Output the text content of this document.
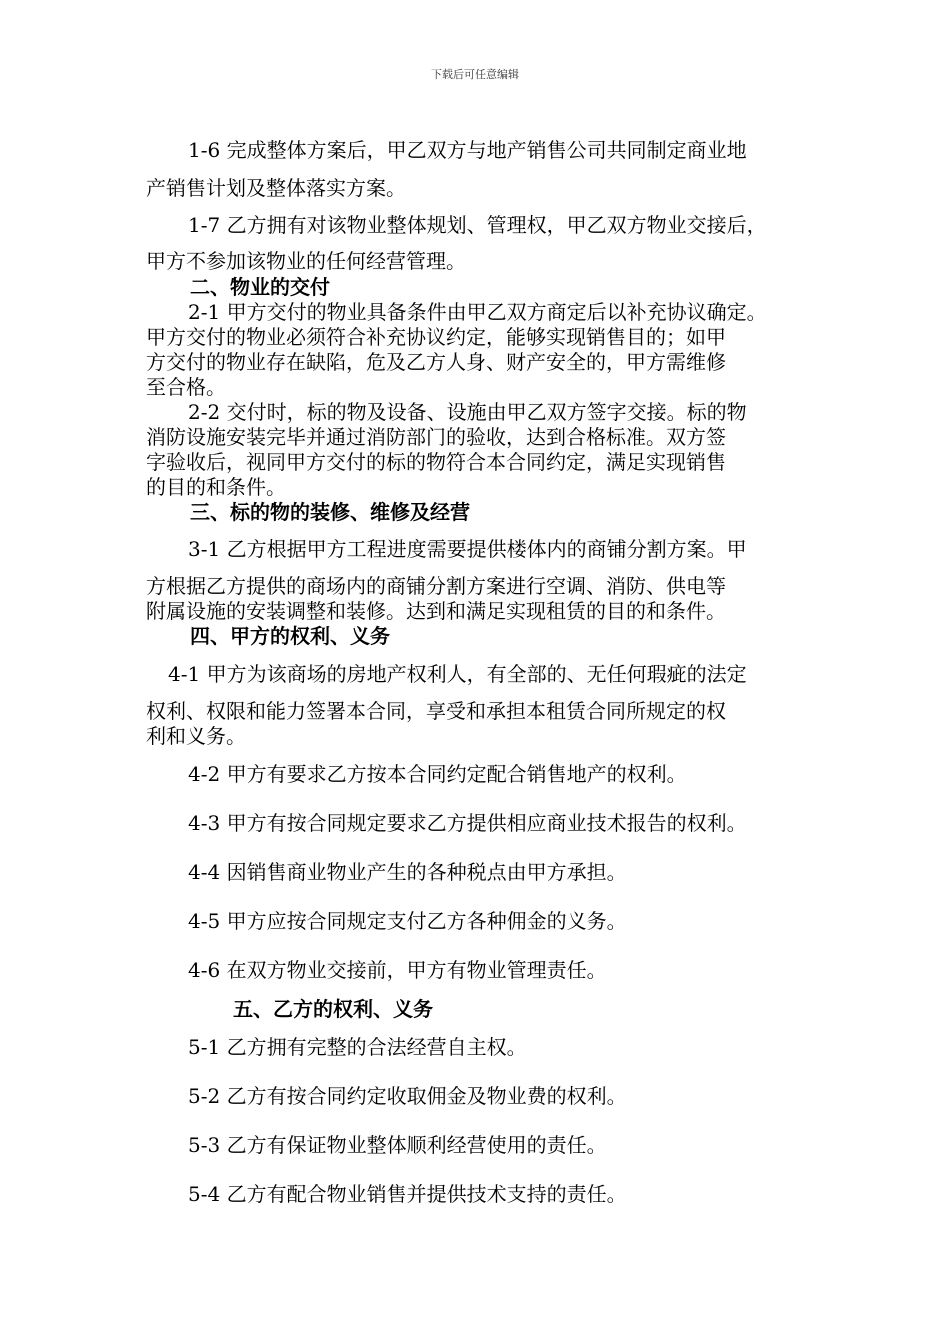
下载后可任意编辑
1-6 完成整体方案后，甲乙双方与地产销售公司共同制定商业地
产销售计划及整体落实方案。
1-7 乙方拥有对该物业整体规划、管理权，甲乙双方物业交接后，
甲方不参加该物业的任何经营管理。
二、物业的交付
2-1 甲方交付的物业具备条件由甲乙双方商定后以补充协议确定。
甲方交付的物业必须符合补充协议约定，能够实现销售目的；如甲
方交付的物业存在缺陷，危及乙方人身、财产安全的，甲方需维修
至合格。
2-2 交付时，标的物及设备、设施由甲乙双方签字交接。标的物
消防设施安装完毕并通过消防部门的验收，达到合格标准。双方签
字验收后，视同甲方交付的标的物符合本合同约定，满足实现销售
的目的和条件。
三、标的物的装修、维修及经营
3-1 乙方根据甲方工程进度需要提供楼体内的商铺分割方案。甲
方根据乙方提供的商场内的商铺分割方案进行空调、消防、供电等
附属设施的安装调整和装修。达到和满足实现租赁的目的和条件。
四、甲方的权利、义务
4-1 甲方为该商场的房地产权利人，有全部的、无任何瑕疵的法定
权利、权限和能力签署本合同，享受和承担本租赁合同所规定的权
利和义务。
4-2 甲方有要求乙方按本合同约定配合销售地产的权利。
4-3 甲方有按合同规定要求乙方提供相应商业技术报告的权利。
4-4 因销售商业物业产生的各种税点由甲方承担。
4-5 甲方应按合同规定支付乙方各种佣金的义务。
4-6 在双方物业交接前，甲方有物业管理责任。
五、乙方的权利、义务
5-1 乙方拥有完整的合法经营自主权。
5-2 乙方有按合同约定收取佣金及物业费的权利。
5-3 乙方有保证物业整体顺利经营使用的责任。
5-4 乙方有配合物业销售并提供技术支持的责任。
